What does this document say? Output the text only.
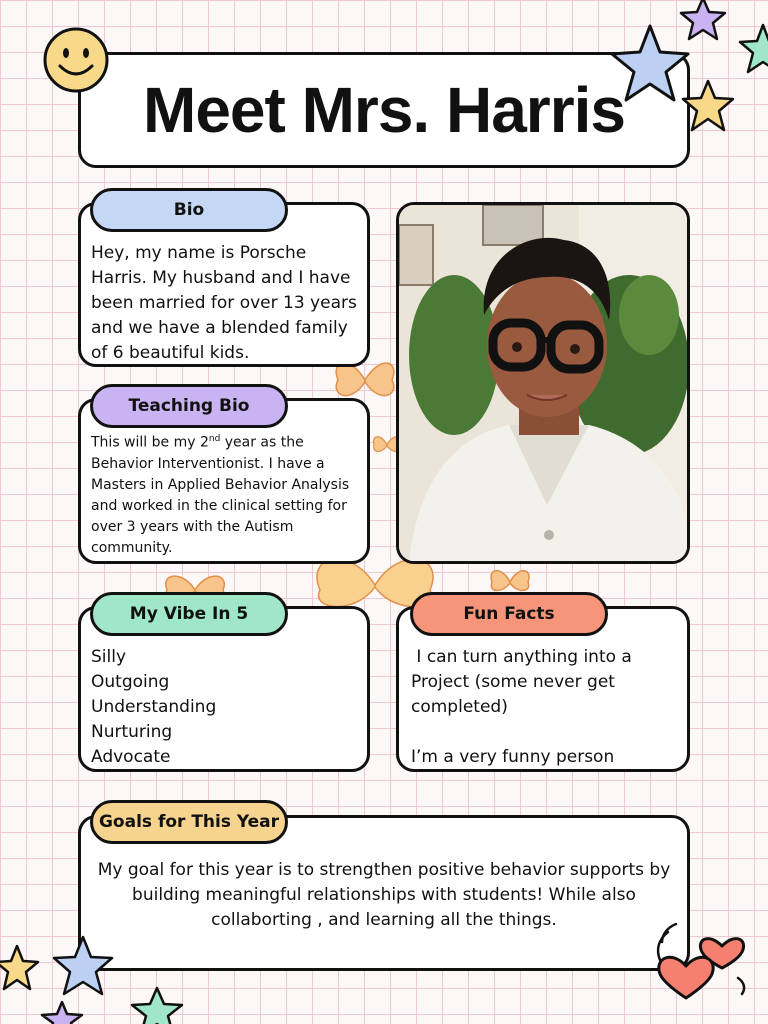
Meet Mrs. Harris
Hey, my name is Porsche Harris. My husband and I have been married for over 13 years and we have a blended family of 6 beautiful kids.
Bio
This will be my 2nd year as the Behavior Interventionist. I have a Masters in Applied Behavior Analysis and worked in the clinical setting for over 3 years with the Autism community.
Teaching Bio
Silly
Outgoing
Understanding
Nurturing
Advocate
My Vibe In 5
I can turn anything into a Project (some never get completed)
I’m a very funny person
Fun Facts
My goal for this year is to strengthen positive behavior supports by building meaningful relationships with students! While also collaborting , and learning all the things.
Goals for This Year
